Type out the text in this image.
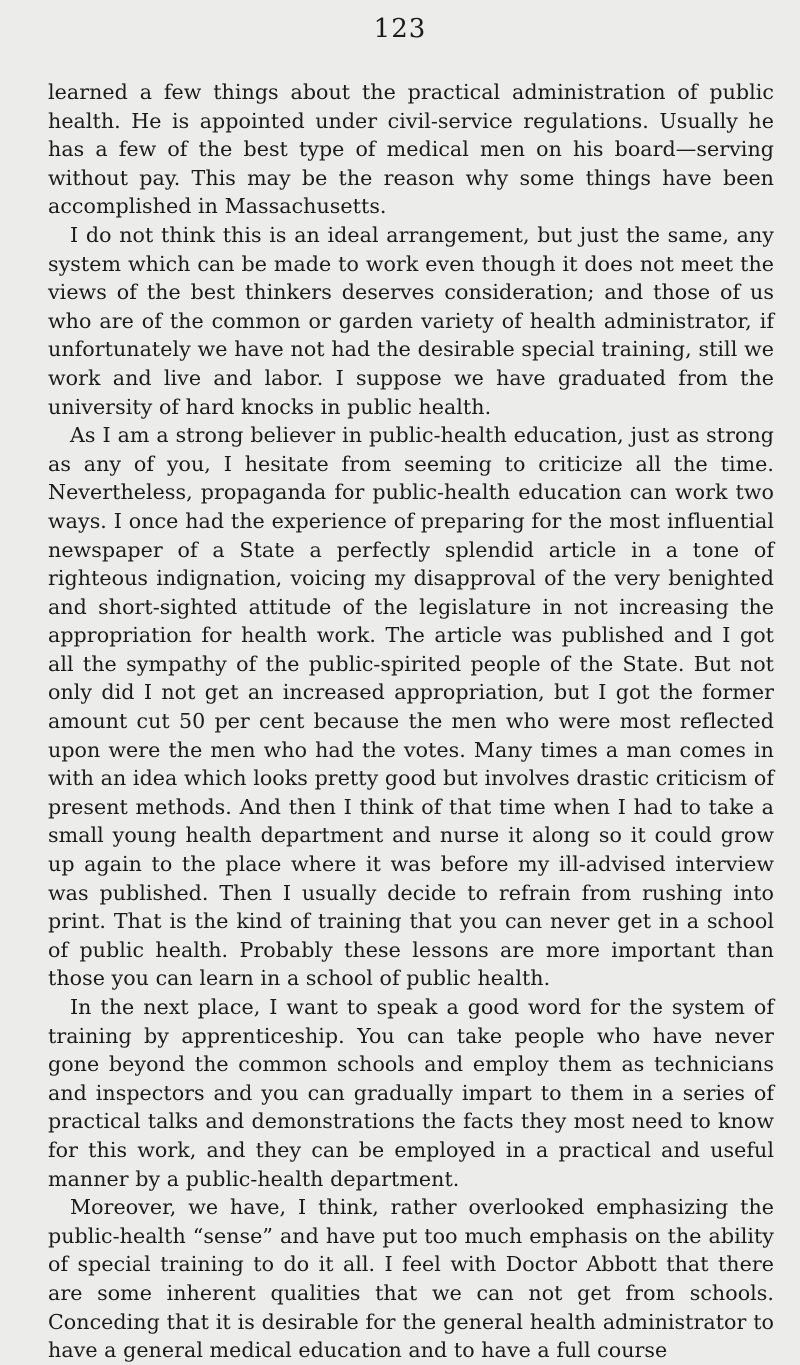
123

learned a few things about the practical administration of public health. He is appointed under civil-service regulations. Usually he has a few of the best type of medical men on his board—serving without pay. This may be the reason why some things have been accomplished in Massachusetts.

I do not think this is an ideal arrangement, but just the same, any system which can be made to work even though it does not meet the views of the best thinkers deserves consideration; and those of us who are of the common or garden variety of health administrator, if unfortunately we have not had the desirable special training, still we work and live and labor. I suppose we have graduated from the university of hard knocks in public health.

As I am a strong believer in public-health education, just as strong as any of you, I hesitate from seeming to criticize all the time. Nevertheless, propaganda for public-health education can work two ways. I once had the experience of preparing for the most influential newspaper of a State a perfectly splendid article in a tone of righteous indignation, voicing my disapproval of the very benighted and short-sighted attitude of the legislature in not increasing the appropriation for health work. The article was published and I got all the sympathy of the public-spirited people of the State. But not only did I not get an increased appropriation, but I got the former amount cut 50 per cent because the men who were most reflected upon were the men who had the votes. Many times a man comes in with an idea which looks pretty good but involves drastic criticism of present methods. And then I think of that time when I had to take a small young health department and nurse it along so it could grow up again to the place where it was before my ill-advised interview was published. Then I usually decide to refrain from rushing into print. That is the kind of training that you can never get in a school of public health. Probably these lessons are more important than those you can learn in a school of public health.

In the next place, I want to speak a good word for the system of training by apprenticeship. You can take people who have never gone beyond the common schools and employ them as technicians and inspectors and you can gradually impart to them in a series of practical talks and demonstrations the facts they most need to know for this work, and they can be employed in a practical and useful manner by a public-health department.

Moreover, we have, I think, rather overlooked emphasizing the public-health “sense” and have put too much emphasis on the ability of special training to do it all. I feel with Doctor Abbott that there are some inherent qualities that we can not get from schools. Conceding that it is desirable for the general health administrator to have a general medical education and to have a full course
